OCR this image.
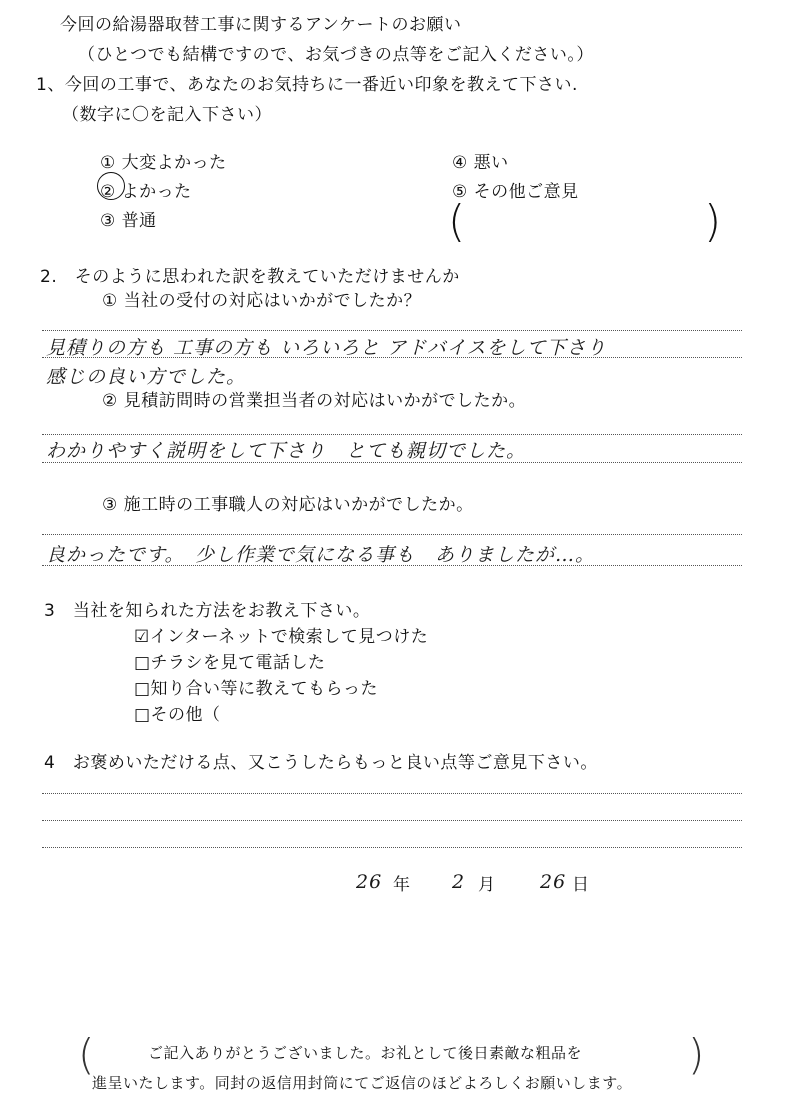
今回の給湯器取替工事に関するアンケートのお願い
（ひとつでも結構ですので、お気づきの点等をご記入ください。）
1、今回の工事で、あなたのお気持ちに一番近い印象を教えて下さい.
（数字に〇を記入下さい）
① 大変よかった
② よかった
③ 普通
④ 悪い
⑤ その他ご意見
(	)
2.　そのように思われた訳を教えていただけませんか
① 当社の受付の対応はいかがでしたか？
見積りの方も 工事の方も いろいろと アドバイスをして下さり
感じの良い方でした。
② 見積訪問時の営業担当者の対応はいかがでしたか。
わかりやすく説明をして下さり　とても親切でした。
③ 施工時の工事職人の対応はいかがでしたか。
良かったです。　少し作業で気になる事も　ありましたが…。
3　当社を知られた方法をお教え下さい。
☑インターネットで検索して見つけた
□チラシを見て電話した
□知り合い等に教えてもらった
□その他（
4　お褒めいただける点、又こうしたらもっと良い点等ご意見下さい。
26 年 2 月 26 日
(	ご記入ありがとうございました。お礼として後日素敵な粗品を
進呈いたします。同封の返信用封筒にてご返信のほどよろしくお願いします。
)
